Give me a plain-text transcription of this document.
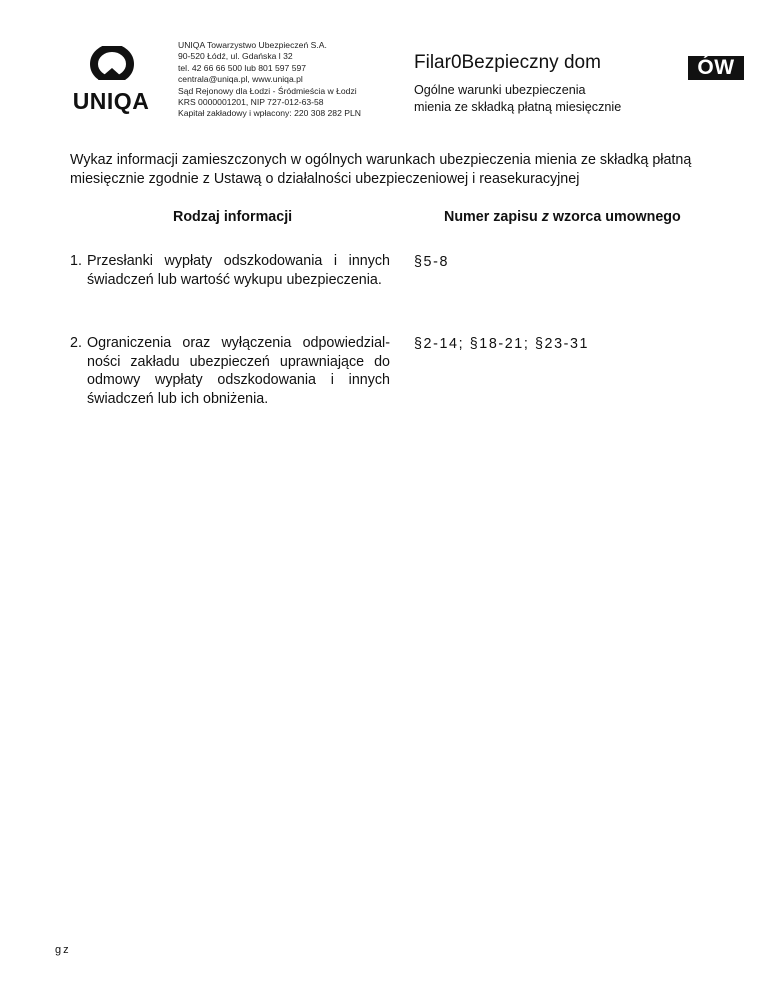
UNIQA
UNIQA Towarzystwo Ubezpieczeń S.A.
90-520 Łódź, ul. Gdańska l 32
tel. 42 66 66 500 lub 801 597 597
centrala@uniqa.pl, www.uniqa.pl
Sąd Rejonowy dla Łodzi - Śródmieścia w Łodzi
KRS 0000001201, NIP 727-012-63-58
Kapitał zakładowy i wpłacony: 220 308 282 PLN
Filar0Bezpieczny dom
Ogólne warunki ubezpieczenia
mienia ze składką płatną miesięcznie
ÓW
Wykaz informacji zamieszczonych w ogólnych warunkach ubezpieczenia mienia ze składką płatną miesięcznie zgodnie z Ustawą o działalności ubezpieczeniowej i reasekuracyjnej
Rodzaj informacji	Numer zapisu z wzorca umownego
1. Przesłanki wypłaty odszkodowania i innych świadczeń lub wartość wykupu ubezpieczenia.
§5-8
2. Ograniczenia oraz wyłączenia odpowiedzialności zakładu ubezpieczeń uprawniające do odmowy wypłaty odszkodowania i innych świadczeń lub ich obniżenia.
§2-14; §18-21; §23-31
gz
